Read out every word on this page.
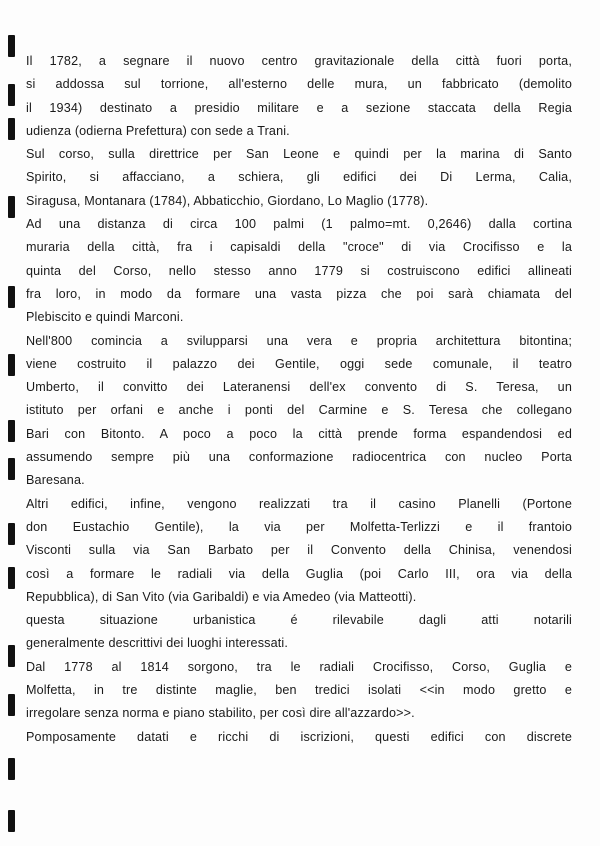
Il 1782, a segnare il nuovo centro gravitazionale della città fuori porta,
si addossa sul torrione, all'esterno delle mura, un fabbricato (demolito
il 1934) destinato a presidio militare e a sezione staccata della Regia
udienza (odierna Prefettura) con sede a Trani.
Sul corso, sulla direttrice per San Leone e quindi per la marina di Santo
Spirito, si affacciano, a schiera, gli edifici dei Di Lerma, Calia,
Siragusa, Montanara (1784), Abbaticchio, Giordano, Lo Maglio (1778).
Ad una distanza di circa 100 palmi (1 palmo=mt. 0,2646) dalla cortina
muraria della città, fra i capisaldi della "croce" di via Crocifisso e la
quinta del Corso, nello stesso anno 1779 si costruiscono edifici allineati
fra loro, in modo da formare una vasta pizza che poi sarà chiamata del
Plebiscito e quindi Marconi.
Nell'800 comincia a svilupparsi una vera e propria architettura bitontina;
viene costruito il palazzo dei Gentile, oggi sede comunale, il teatro
Umberto, il convitto dei Lateranensi dell'ex convento di S. Teresa, un
istituto per orfani e anche i ponti del Carmine e S. Teresa che collegano
Bari con Bitonto. A poco a poco la città prende forma espandendosi ed
assumendo sempre più una conformazione radiocentrica con nucleo Porta
Baresana.
Altri edifici, infine, vengono realizzati tra il casino Planelli (Portone
don Eustachio Gentile), la via per Molfetta-Terlizzi e il frantoio
Visconti sulla via San Barbato per il Convento della Chinisa, venendosi
così a formare le radiali via della Guglia (poi Carlo III, ora via della
Repubblica), di San Vito (via Garibaldi) e via Amedeo (via Matteotti).
questa situazione urbanistica é rilevabile dagli atti notarili
generalmente descrittivi dei luoghi interessati.
Dal 1778 al 1814 sorgono, tra le radiali Crocifisso, Corso, Guglia e
Molfetta, in tre distinte maglie, ben tredici isolati <<in modo gretto e
irregolare senza norma e piano stabilito, per così dire all'azzardo>>.
Pomposamente datati e ricchi di iscrizioni, questi edifici con discrete
